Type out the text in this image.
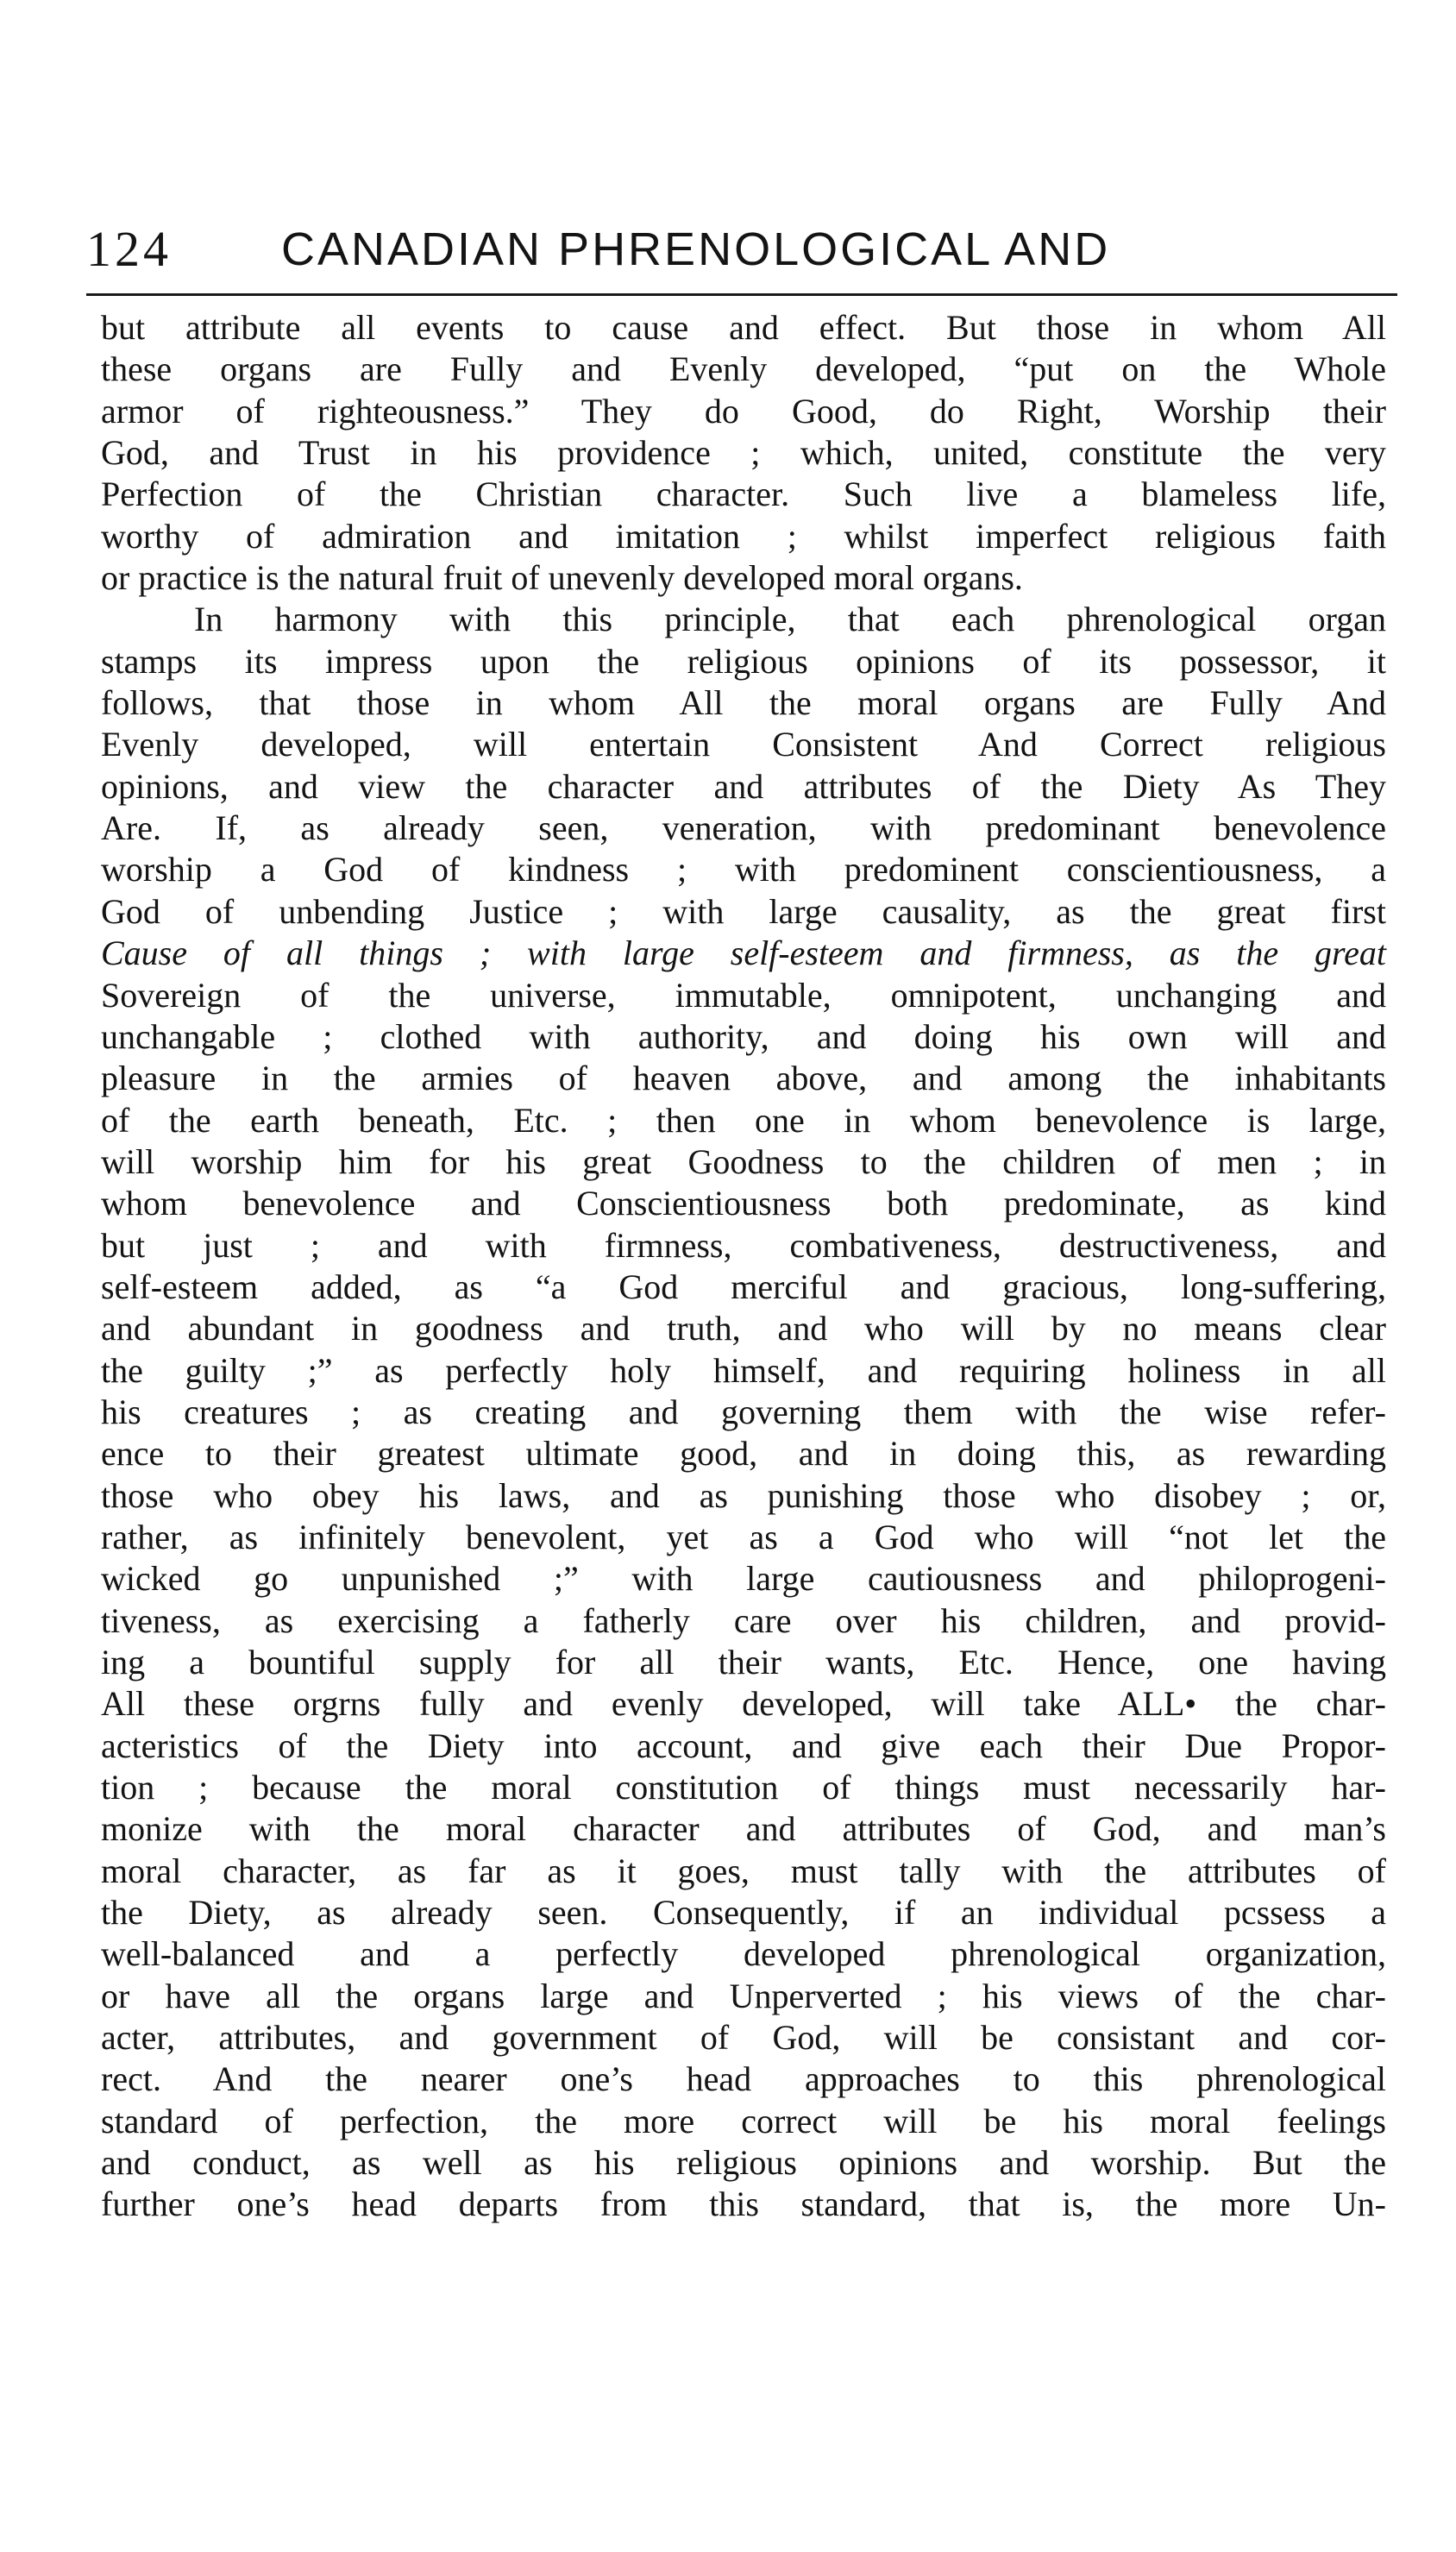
124 CANADIAN PHRENOLOGICAL AND
but attribute all events to cause and effect. But those in whom All
these organs are Fully and Evenly developed, “put on the Whole
armor of righteousness.” They do Good, do Right, Worship their
God, and Trust in his providence ; which, united, constitute the very
Perfection of the Christian character. Such live a blameless life,
worthy of admiration and imitation ; whilst imperfect religious faith
or practice is the natural fruit of unevenly developed moral organs.
In harmony with this principle, that each phrenological organ
stamps its impress upon the religious opinions of its possessor, it
follows, that those in whom All the moral organs are Fully And
Evenly developed, will entertain Consistent And Correct religious
opinions, and view the character and attributes of the Diety As They
Are. If, as already seen, veneration, with predominant benevolence
worship a God of kindness ; with predominent conscientiousness, a
God of unbending Justice ; with large causality, as the great first
Cause of all things ; with large self-esteem and firmness, as the great
Sovereign of the universe, immutable, omnipotent, unchanging and
unchangable ; clothed with authority, and doing his own will and
pleasure in the armies of heaven above, and among the inhabitants
of the earth beneath, Etc. ; then one in whom benevolence is large,
will worship him for his great Goodness to the children of men ; in
whom benevolence and Conscientiousness both predominate, as kind
but just ; and with firmness, combativeness, destructiveness, and
self-esteem added, as “a God merciful and gracious, long-suffering,
and abundant in goodness and truth, and who will by no means clear
the guilty ;” as perfectly holy himself, and requiring holiness in all
his creatures ; as creating and governing them with the wise refer-
ence to their greatest ultimate good, and in doing this, as rewarding
those who obey his laws, and as punishing those who disobey ; or,
rather, as infinitely benevolent, yet as a God who will “not let the
wicked go unpunished ;” with large cautiousness and philoprogeni-
tiveness, as exercising a fatherly care over his children, and provid-
ing a bountiful supply for all their wants, Etc. Hence, one having
All these orgrns fully and evenly developed, will take ALL• the char-
acteristics of the Diety into account, and give each their Due Propor-
tion ; because the moral constitution of things must necessarily har-
monize with the moral character and attributes of God, and man’s
moral character, as far as it goes, must tally with the attributes of
the Diety, as already seen. Consequently, if an individual pcssess a
well-balanced and a perfectly developed phrenological organization,
or have all the organs large and Unperverted ; his views of the char-
acter, attributes, and government of God, will be consistant and cor-
rect. And the nearer one’s head approaches to this phrenological
standard of perfection, the more correct will be his moral feelings
and conduct, as well as his religious opinions and worship. But the
further one’s head departs from this standard, that is, the more Un-
